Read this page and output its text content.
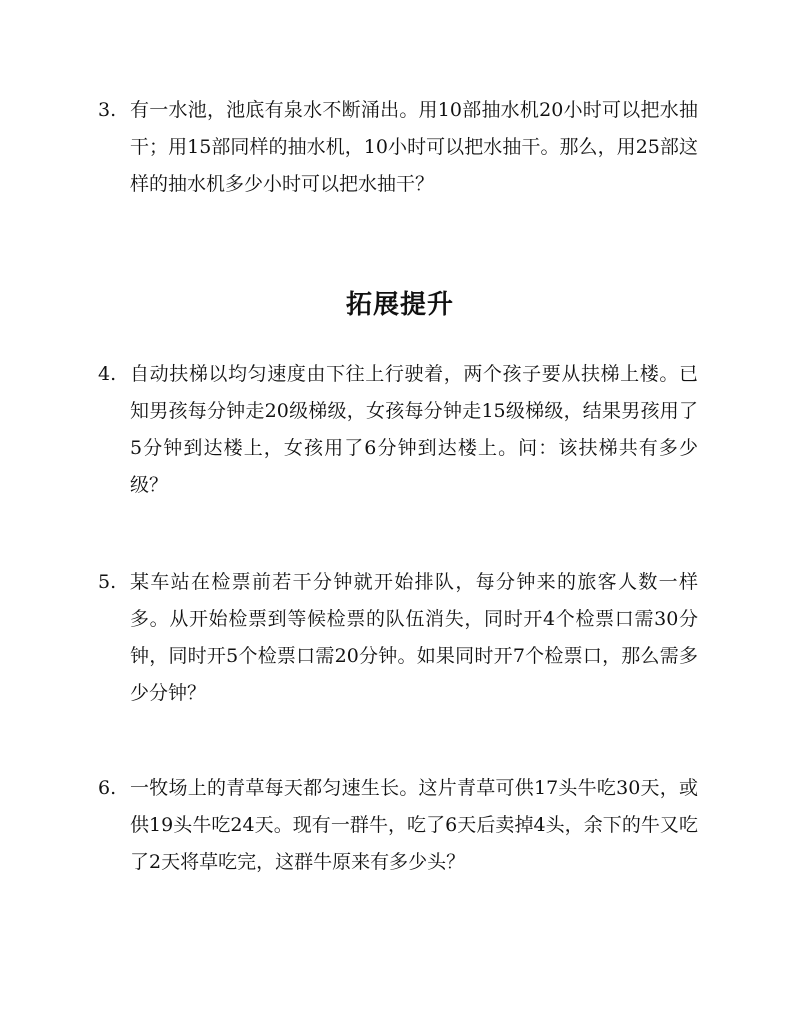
3. 有一水池，池底有泉水不断涌出。用10部抽水机20小时可以把水抽干；用15部同样的抽水机，10小时可以把水抽干。那么，用25部这样的抽水机多少小时可以把水抽干？
拓展提升
4. 自动扶梯以均匀速度由下往上行驶着，两个孩子要从扶梯上楼。已知男孩每分钟走20级梯级，女孩每分钟走15级梯级，结果男孩用了5分钟到达楼上，女孩用了6分钟到达楼上。问：该扶梯共有多少级？
5. 某车站在检票前若干分钟就开始排队，每分钟来的旅客人数一样多。从开始检票到等候检票的队伍消失，同时开4个检票口需30分钟，同时开5个检票口需20分钟。如果同时开7个检票口，那么需多少分钟？
6. 一牧场上的青草每天都匀速生长。这片青草可供17头牛吃30天，或供19头牛吃24天。现有一群牛，吃了6天后卖掉4头，余下的牛又吃了2天将草吃完，这群牛原来有多少头？
